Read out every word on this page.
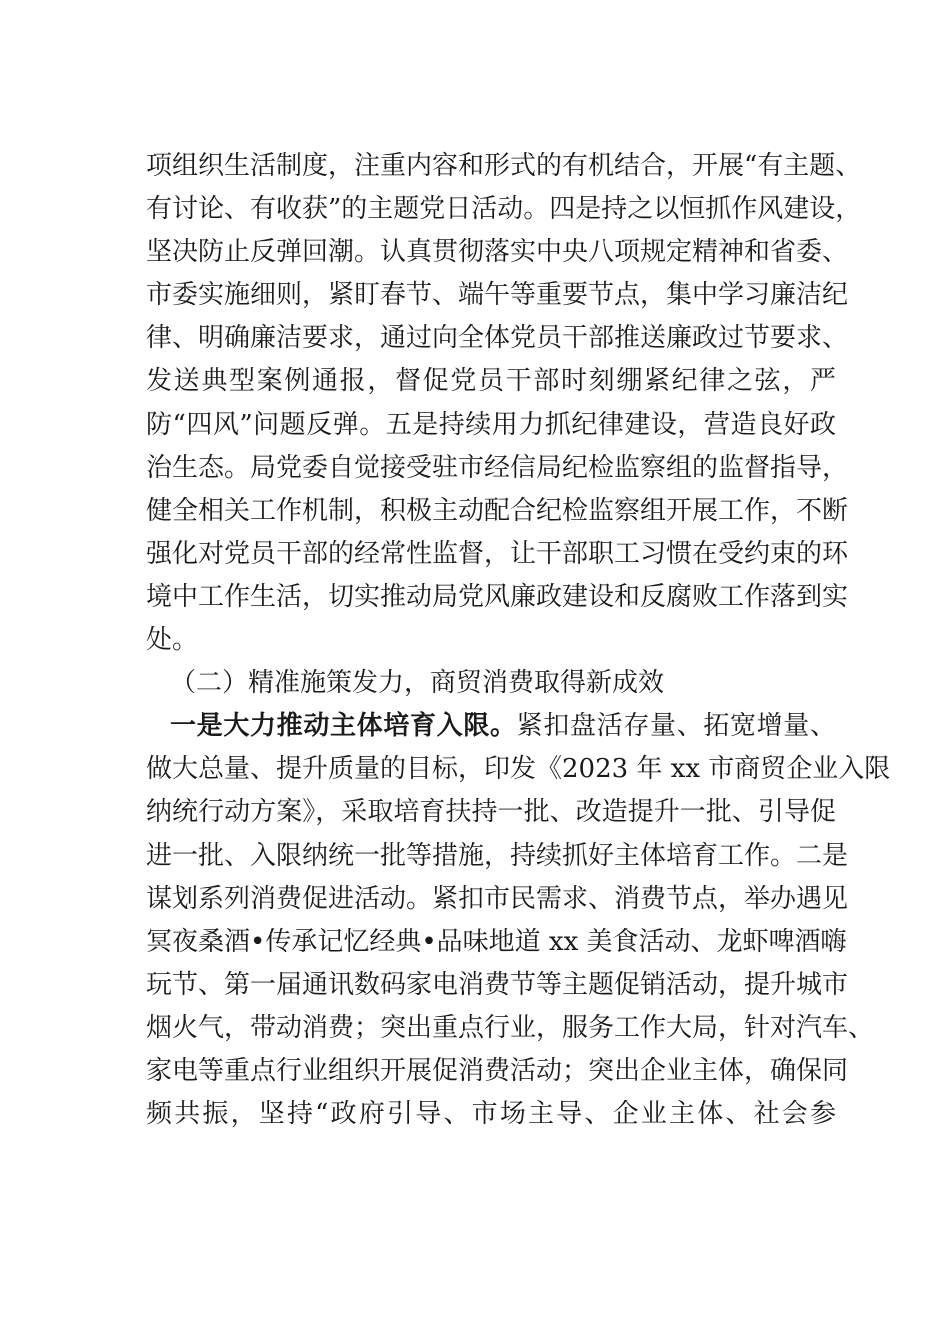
项组织生活制度，注重内容和形式的有机结合，开展“有主题、
有讨论、有收获”的主题党日活动。四是持之以恒抓作风建设，
坚决防止反弹回潮。认真贯彻落实中央八项规定精神和省委、
市委实施细则，紧盯春节、端午等重要节点，集中学习廉洁纪
律、明确廉洁要求，通过向全体党员干部推送廉政过节要求、
发送典型案例通报，督促党员干部时刻绷紧纪律之弦，严
防“四风”问题反弹。五是持续用力抓纪律建设，营造良好政
治生态。局党委自觉接受驻市经信局纪检监察组的监督指导，
健全相关工作机制，积极主动配合纪检监察组开展工作，不断
强化对党员干部的经常性监督，让干部职工习惯在受约束的环
境中工作生活，切实推动局党风廉政建设和反腐败工作落到实
处。
（二）精准施策发力，商贸消费取得新成效
一是大力推动主体培育入限。紧扣盘活存量、拓宽增量、
做大总量、提升质量的目标，印发《2023 年 xx 市商贸企业入限
纳统行动方案》，采取培育扶持一批、改造提升一批、引导促
进一批、入限纳统一批等措施，持续抓好主体培育工作。二是
谋划系列消费促进活动。紧扣市民需求、消费节点，举办遇见
冥夜桑酒•传承记忆经典•品味地道 xx 美食活动、龙虾啤酒嗨
玩节、第一届通讯数码家电消费节等主题促销活动，提升城市
烟火气，带动消费；突出重点行业，服务工作大局，针对汽车、
家电等重点行业组织开展促消费活动；突出企业主体，确保同
频共振，坚持“政府引导、市场主导、企业主体、社会参
